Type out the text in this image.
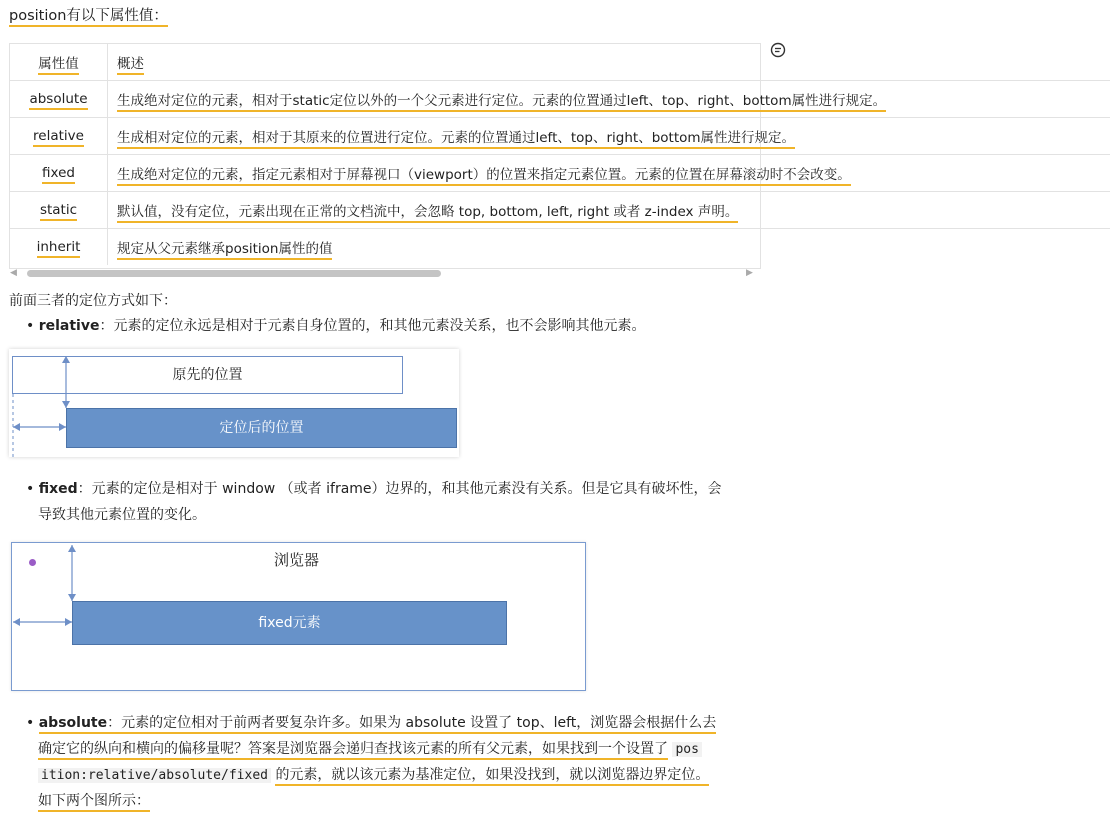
position有以下属性值：
属性值	概述
absolute	生成绝对定位的元素，相对于static定位以外的一个父元素进行定位。元素的位置通过left、top、right、bottom属性进行规定。
relative	生成相对定位的元素，相对于其原来的位置进行定位。元素的位置通过left、top、right、bottom属性进行规定。
fixed	生成绝对定位的元素，指定元素相对于屏幕视口（viewport）的位置来指定元素位置。元素的位置在屏幕滚动时不会改变。
static	默认值，没有定位，元素出现在正常的文档流中，会忽略 top, bottom, left, right 或者 z-index 声明。
inherit	规定从父元素继承position属性的值
◀	▶
前面三者的定位方式如下：
• relative：元素的定位永远是相对于元素自身位置的，和其他元素没关系，也不会影响其他元素。
原先的位置
定位后的位置
• fixed：元素的定位是相对于 window （或者 iframe）边界的，和其他元素没有关系。但是它具有破坏性，会
导致其他元素位置的变化。
浏览器
fixed元素
• absolute：元素的定位相对于前两者要复杂许多。如果为 absolute 设置了 top、left，浏览器会根据什么去
确定它的纵向和横向的偏移量呢？答案是浏览器会递归查找该元素的所有父元素，如果找到一个设置了 pos
ition:relative/absolute/fixed 的元素，就以该元素为基准定位，如果没找到，就以浏览器边界定位。
如下两个图所示：
